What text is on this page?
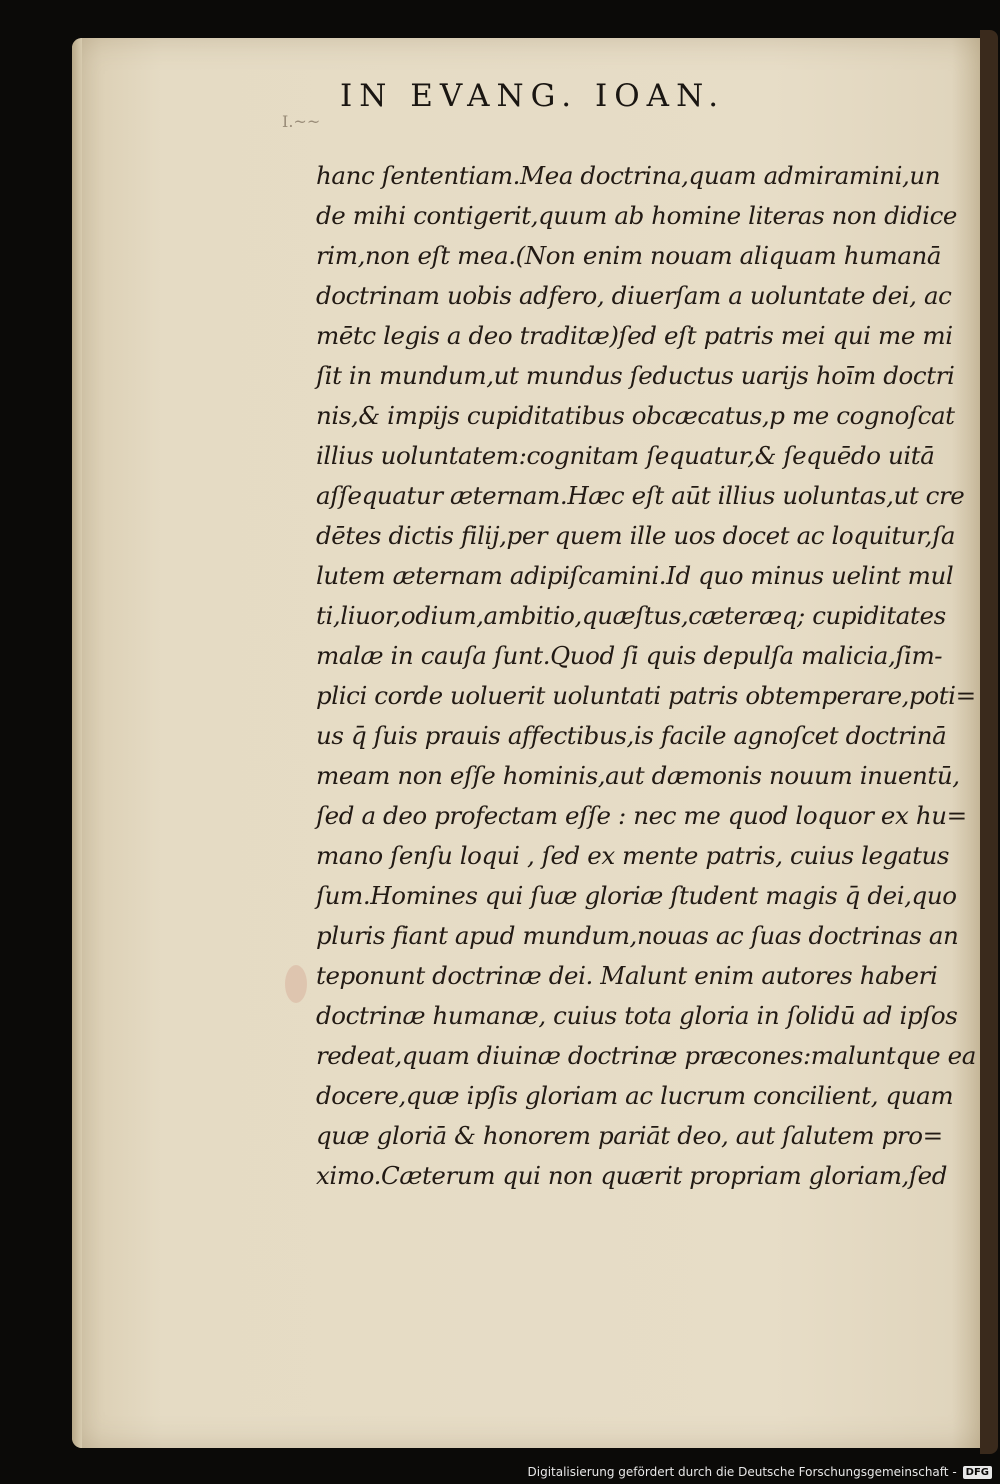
I.~~
IN EVANG. IOAN.
hanc ſententiam.Mea doctrina,quam admiramini,un
de mihi contigerit,quum ab homine literas non didice
rim,non eſt mea.(Non enim nouam aliquam humanā
doctrinam uobis adfero, diuerſam a uoluntate dei, ac
mētc legis a deo traditæ)ſed eſt patris mei qui me mi
ſit in mundum,ut mundus ſeductus uarijs hoīm doctri
nis,& impijs cupiditatibus obcæcatus,p me cognoſcat
illius uoluntatem:cognitam ſequatur,& ſequēdo uitā
aſſequatur æternam.Hæc eſt aūt illius uoluntas,ut cre
dētes dictis filij,per quem ille uos docet ac loquitur,ſa
lutem æternam adipiſcamini.Id quo minus uelint mul
ti,liuor,odium,ambitio,quæſtus,cæteræq; cupiditates
malæ in cauſa ſunt.Quod ſi quis depulſa malicia,ſim-
plici corde uoluerit uoluntati patris obtemperare,poti=
us q̄ ſuis prauis affectibus,is facile agnoſcet doctrinā
meam non eſſe hominis,aut dæmonis nouum inuentū,
ſed a deo profectam eſſe : nec me quod loquor ex hu=
mano ſenſu loqui , ſed ex mente patris, cuius legatus
ſum.Homines qui ſuæ gloriæ ſtudent magis q̄ dei,quo
pluris fiant apud mundum,nouas ac ſuas doctrinas an
teponunt doctrinæ dei. Malunt enim autores haberi
doctrinæ humanæ, cuius tota gloria in ſolidū ad ipſos
redeat,quam diuinæ doctrinæ præcones:maluntque ea
docere,quæ ipſis gloriam ac lucrum concilient, quam
quæ gloriā & honorem pariāt deo, aut ſalutem pro=
ximo.Cæterum qui non quærit propriam gloriam,ſed
Digitalisierung gefördert durch die Deutsche Forschungsgemeinschaft - DFG
